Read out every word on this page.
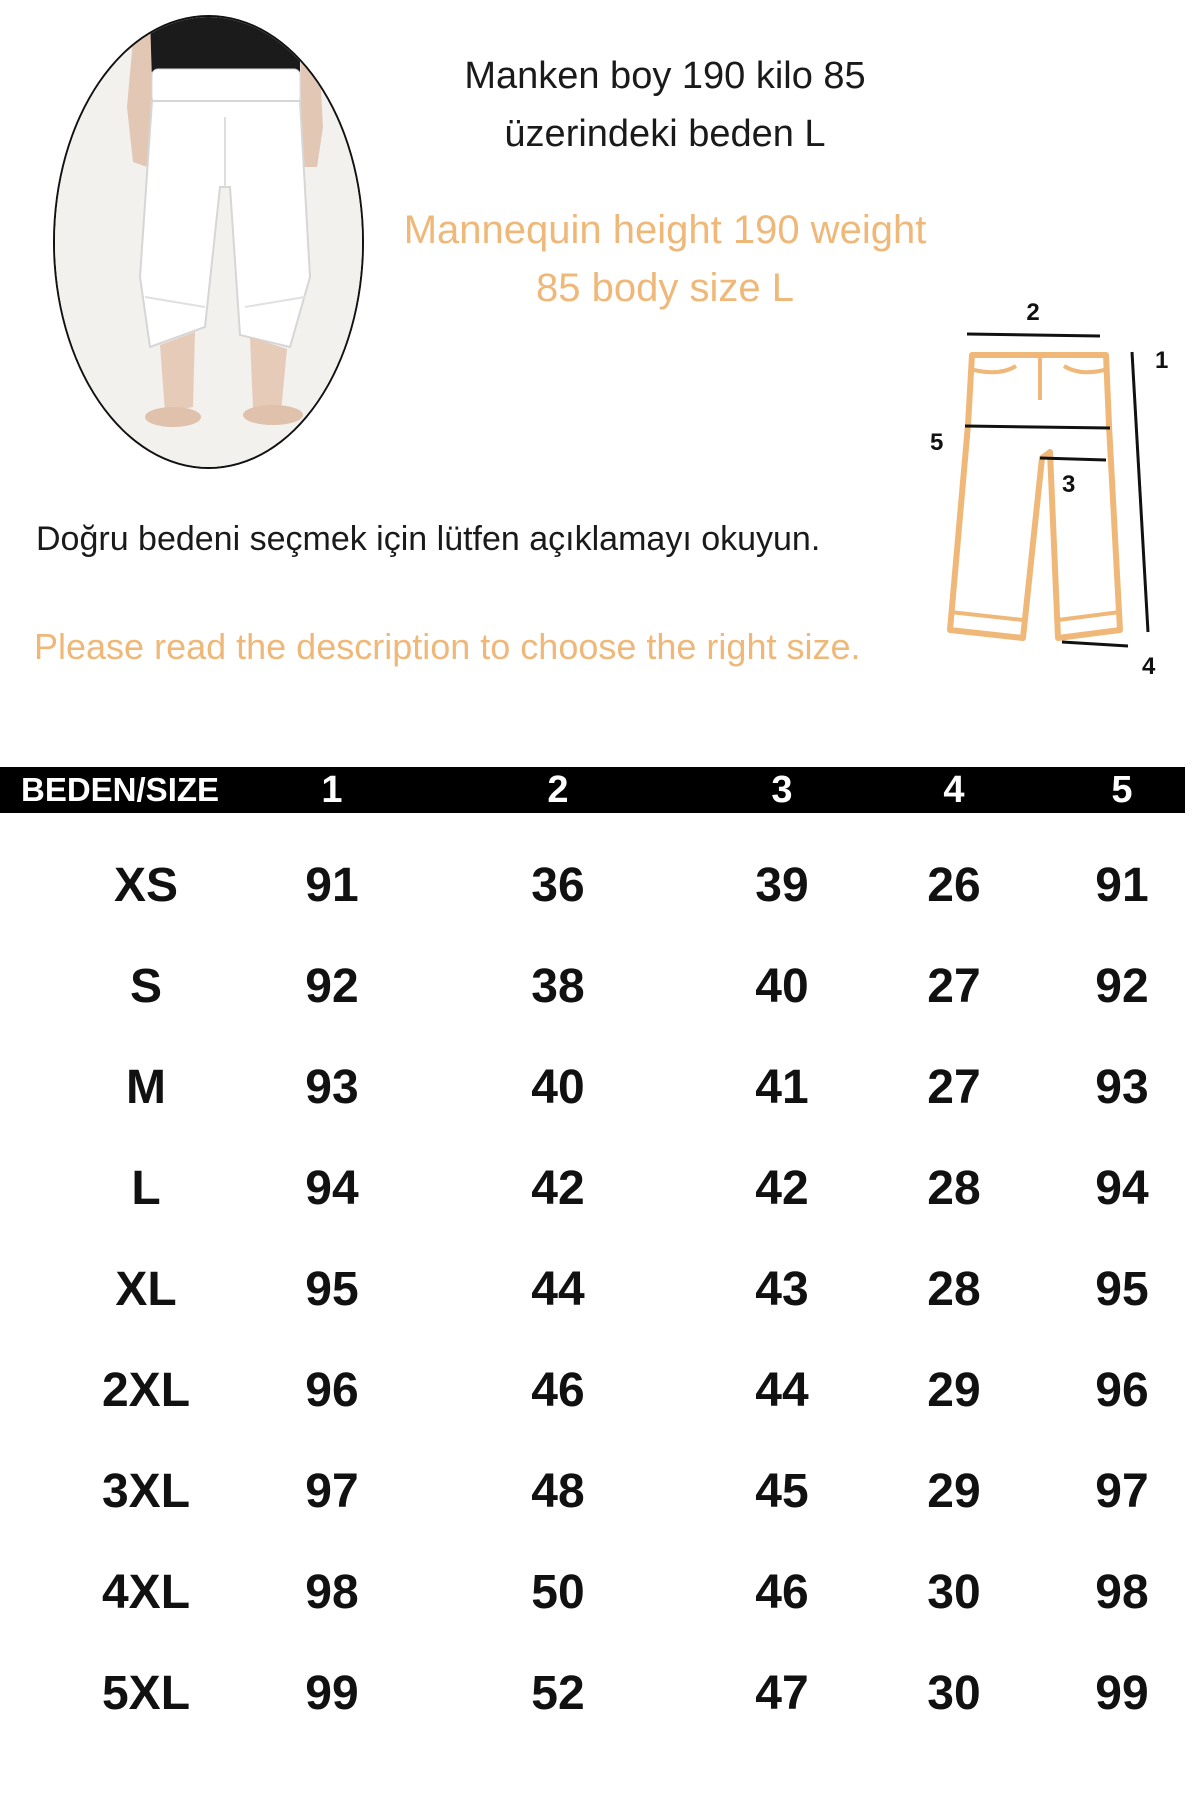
Manken boy 190 kilo 85
üzerindeki beden L
Mannequin height 190 weight
85 body size L
Doğru bedeni seçmek için lütfen açıklamayı okuyun.
Please read the description to choose the right size.
2
1
5
3
4
BEDEN/SIZE	1	2	3	4	5
XS	91	36	39	26	91
S	92	38	40	27	92
M	93	40	41	27	93
L	94	42	42	28	94
XL	95	44	43	28	95
2XL	96	46	44	29	96
3XL	97	48	45	29	97
4XL	98	50	46	30	98
5XL	99	52	47	30	99
